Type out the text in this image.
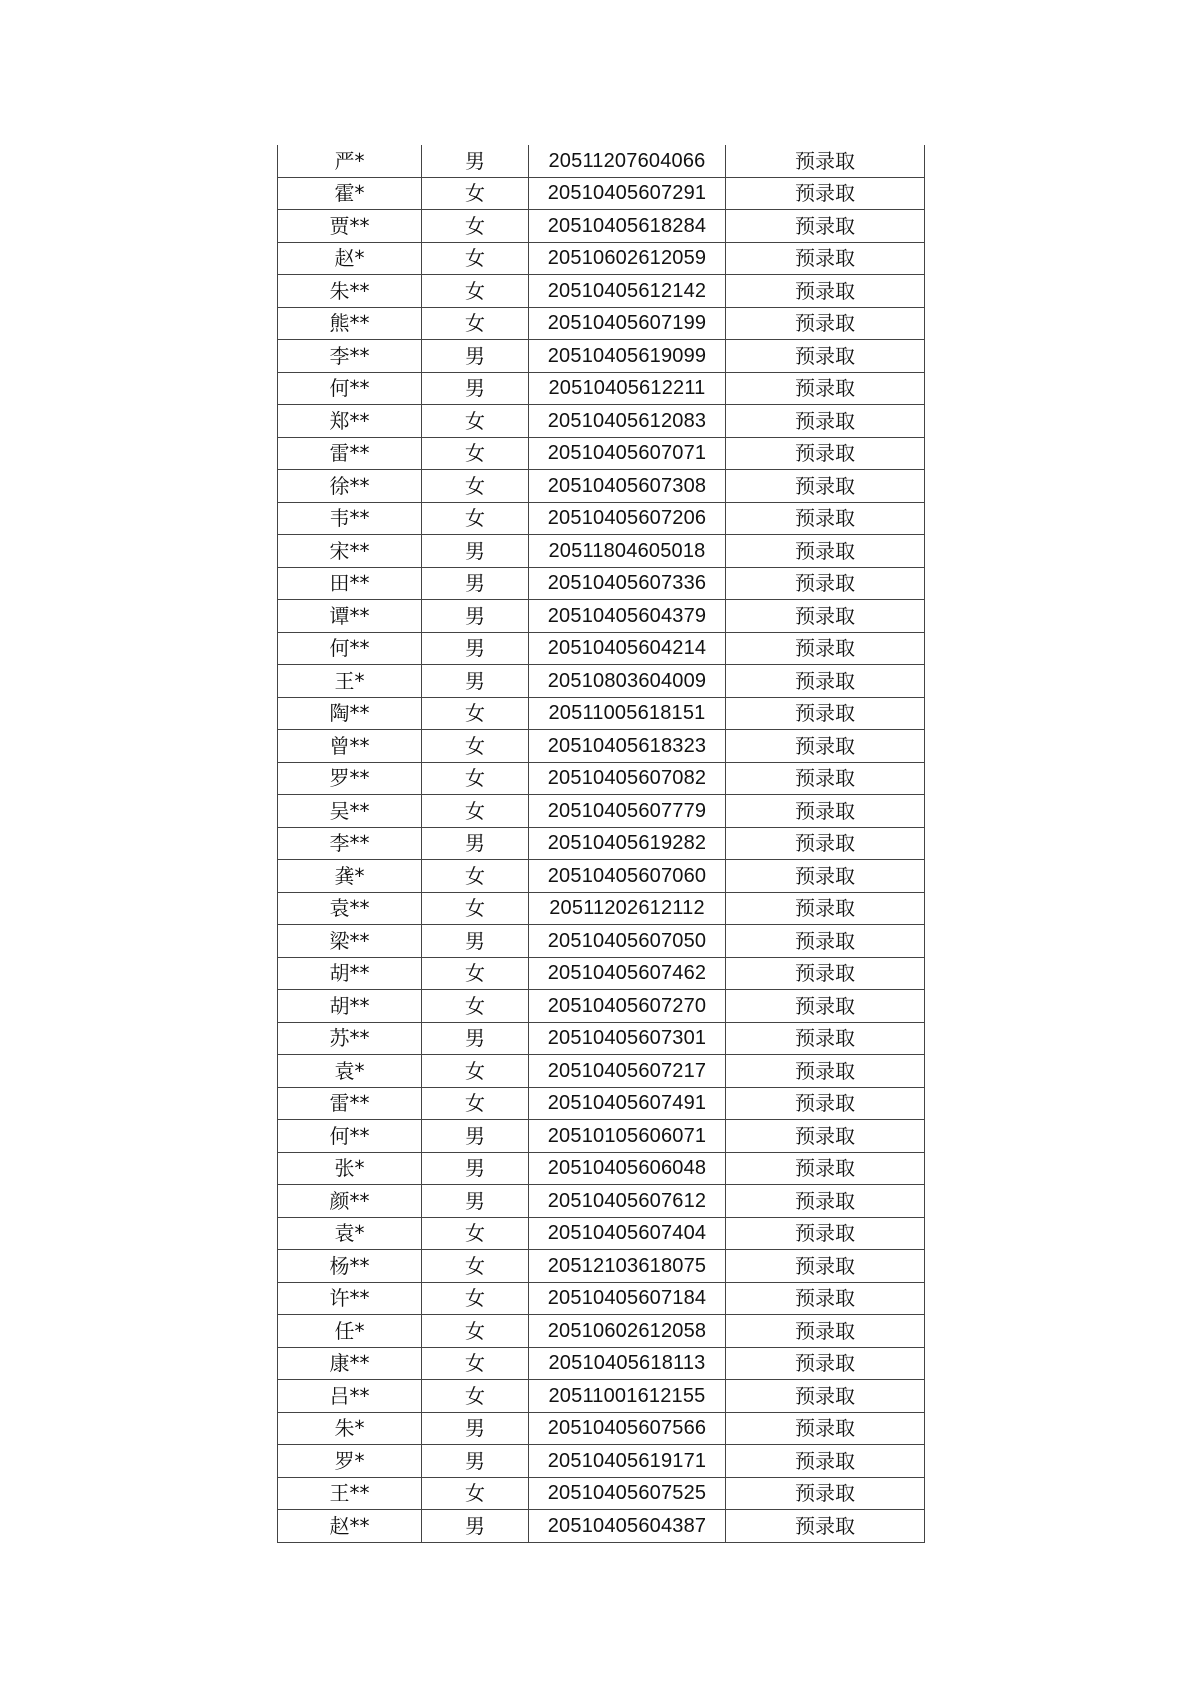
严*	男	20511207604066	预录取
霍*	女	20510405607291	预录取
贾**	女	20510405618284	预录取
赵*	女	20510602612059	预录取
朱**	女	20510405612142	预录取
熊**	女	20510405607199	预录取
李**	男	20510405619099	预录取
何**	男	20510405612211	预录取
郑**	女	20510405612083	预录取
雷**	女	20510405607071	预录取
徐**	女	20510405607308	预录取
韦**	女	20510405607206	预录取
宋**	男	20511804605018	预录取
田**	男	20510405607336	预录取
谭**	男	20510405604379	预录取
何**	男	20510405604214	预录取
王*	男	20510803604009	预录取
陶**	女	20511005618151	预录取
曾**	女	20510405618323	预录取
罗**	女	20510405607082	预录取
吴**	女	20510405607779	预录取
李**	男	20510405619282	预录取
龚*	女	20510405607060	预录取
袁**	女	20511202612112	预录取
梁**	男	20510405607050	预录取
胡**	女	20510405607462	预录取
胡**	女	20510405607270	预录取
苏**	男	20510405607301	预录取
袁*	女	20510405607217	预录取
雷**	女	20510405607491	预录取
何**	男	20510105606071	预录取
张*	男	20510405606048	预录取
颜**	男	20510405607612	预录取
袁*	女	20510405607404	预录取
杨**	女	20512103618075	预录取
许**	女	20510405607184	预录取
任*	女	20510602612058	预录取
康**	女	20510405618113	预录取
吕**	女	20511001612155	预录取
朱*	男	20510405607566	预录取
罗*	男	20510405619171	预录取
王**	女	20510405607525	预录取
赵**	男	20510405604387	预录取
